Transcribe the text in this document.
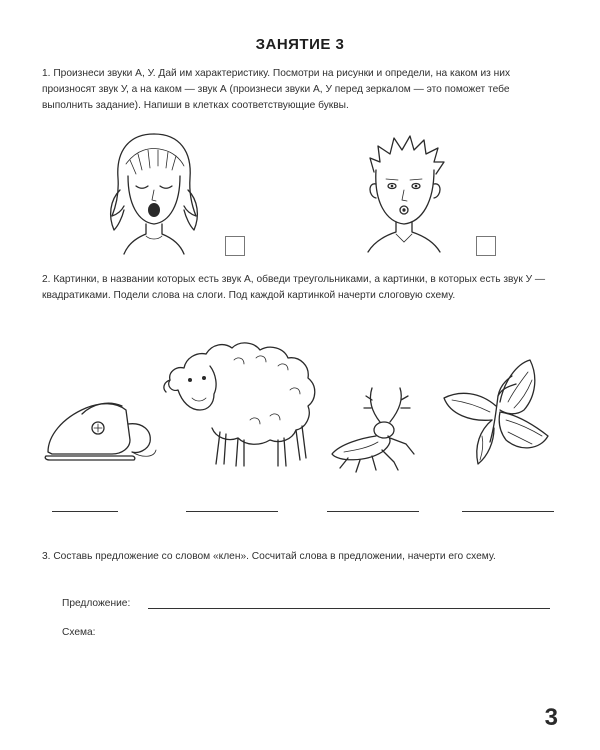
ЗАНЯТИЕ 3
1. Произнеси звуки А, У. Дай им характеристику. Посмотри на рисунки и определи, на каком из них произносят звук У, а на каком — звук А (произнеси звуки А, У перед зеркалом — это поможет тебе выполнить задание). Напиши в клетках соответствующие буквы.
2. Картинки, в названии которых есть звук А, обведи треугольниками, а картинки, в которых есть звук У — квадратиками. Подели слова на слоги. Под каждой картинкой начерти слоговую схему.
3. Составь предложение со словом «клен». Сосчитай слова в предложении, начерти его схему.
Предложение:
Схема:
3
